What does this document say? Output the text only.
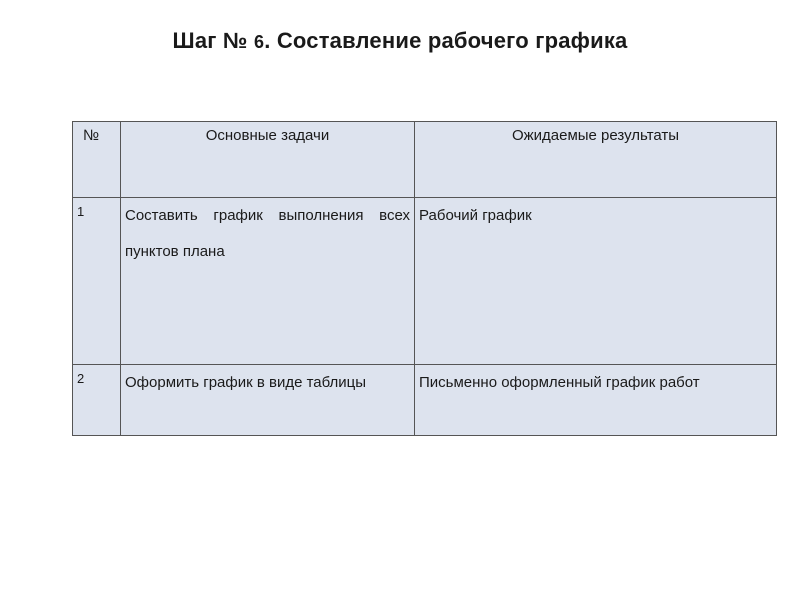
Шаг № 6. Составление рабочего графика
№	Основные задачи	Ожидаемые результаты
1	Составить график выполнения всех пунктов плана	Рабочий график
2	Оформить график в виде таблицы	Письменно оформленный график работ
